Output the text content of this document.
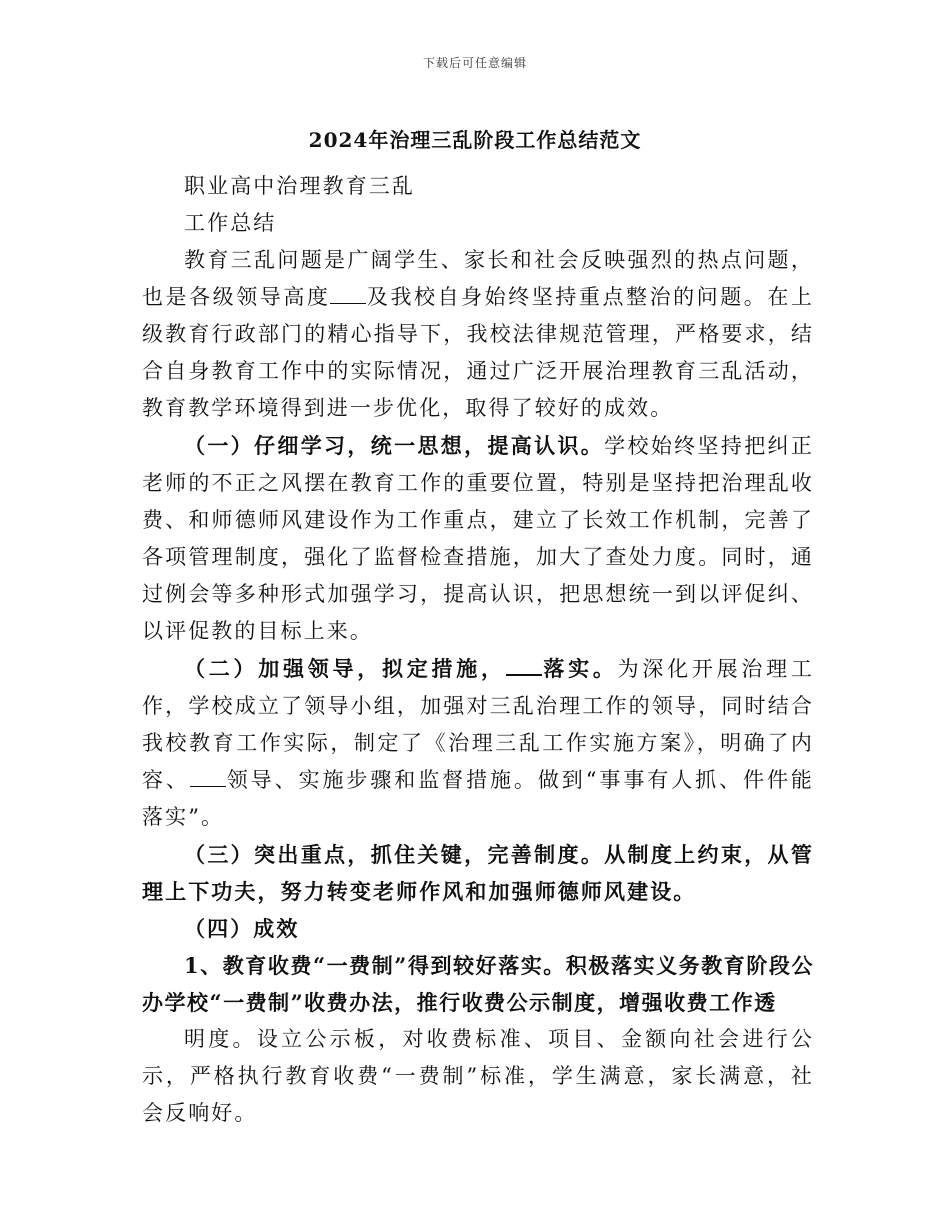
下载后可任意编辑
2024年治理三乱阶段工作总结范文

职业高中治理教育三乱

工作总结

教育三乱问题是广阔学生、家长和社会反映强烈的热点问题，也是各级领导高度 及我校自身始终坚持重点整治的问题。在上级教育行政部门的精心指导下，我校法律规范管理，严格要求，结合自身教育工作中的实际情况，通过广泛开展治理教育三乱活动，教育教学环境得到进一步优化，取得了较好的成效。

（一）仔细学习，统一思想，提高认识。学校始终坚持把纠正老师的不正之风摆在教育工作的重要位置，特别是坚持把治理乱收费、和师德师风建设作为工作重点，建立了长效工作机制，完善了各项管理制度，强化了监督检查措施，加大了查处力度。同时，通过例会等多种形式加强学习，提高认识，把思想统一到以评促纠、以评促教的目标上来。

（二）加强领导，拟定措施， 落实。为深化开展治理工作，学校成立了领导小组，加强对三乱治理工作的领导，同时结合我校教育工作实际，制定了《治理三乱工作实施方案》，明确了内容、 领导、实施步骤和监督措施。做到“事事有人抓、件件能落实”。

（三）突出重点，抓住关键，完善制度。从制度上约束，从管理上下功夫，努力转变老师作风和加强师德师风建设。

（四）成效

1、教育收费“一费制”得到较好落实。积极落实义务教育阶段公办学校“一费制”收费办法，推行收费公示制度，增强收费工作透

明度。设立公示板，对收费标准、项目、金额向社会进行公示，严格执行教育收费“一费制”标准，学生满意，家长满意，社会反响好。
